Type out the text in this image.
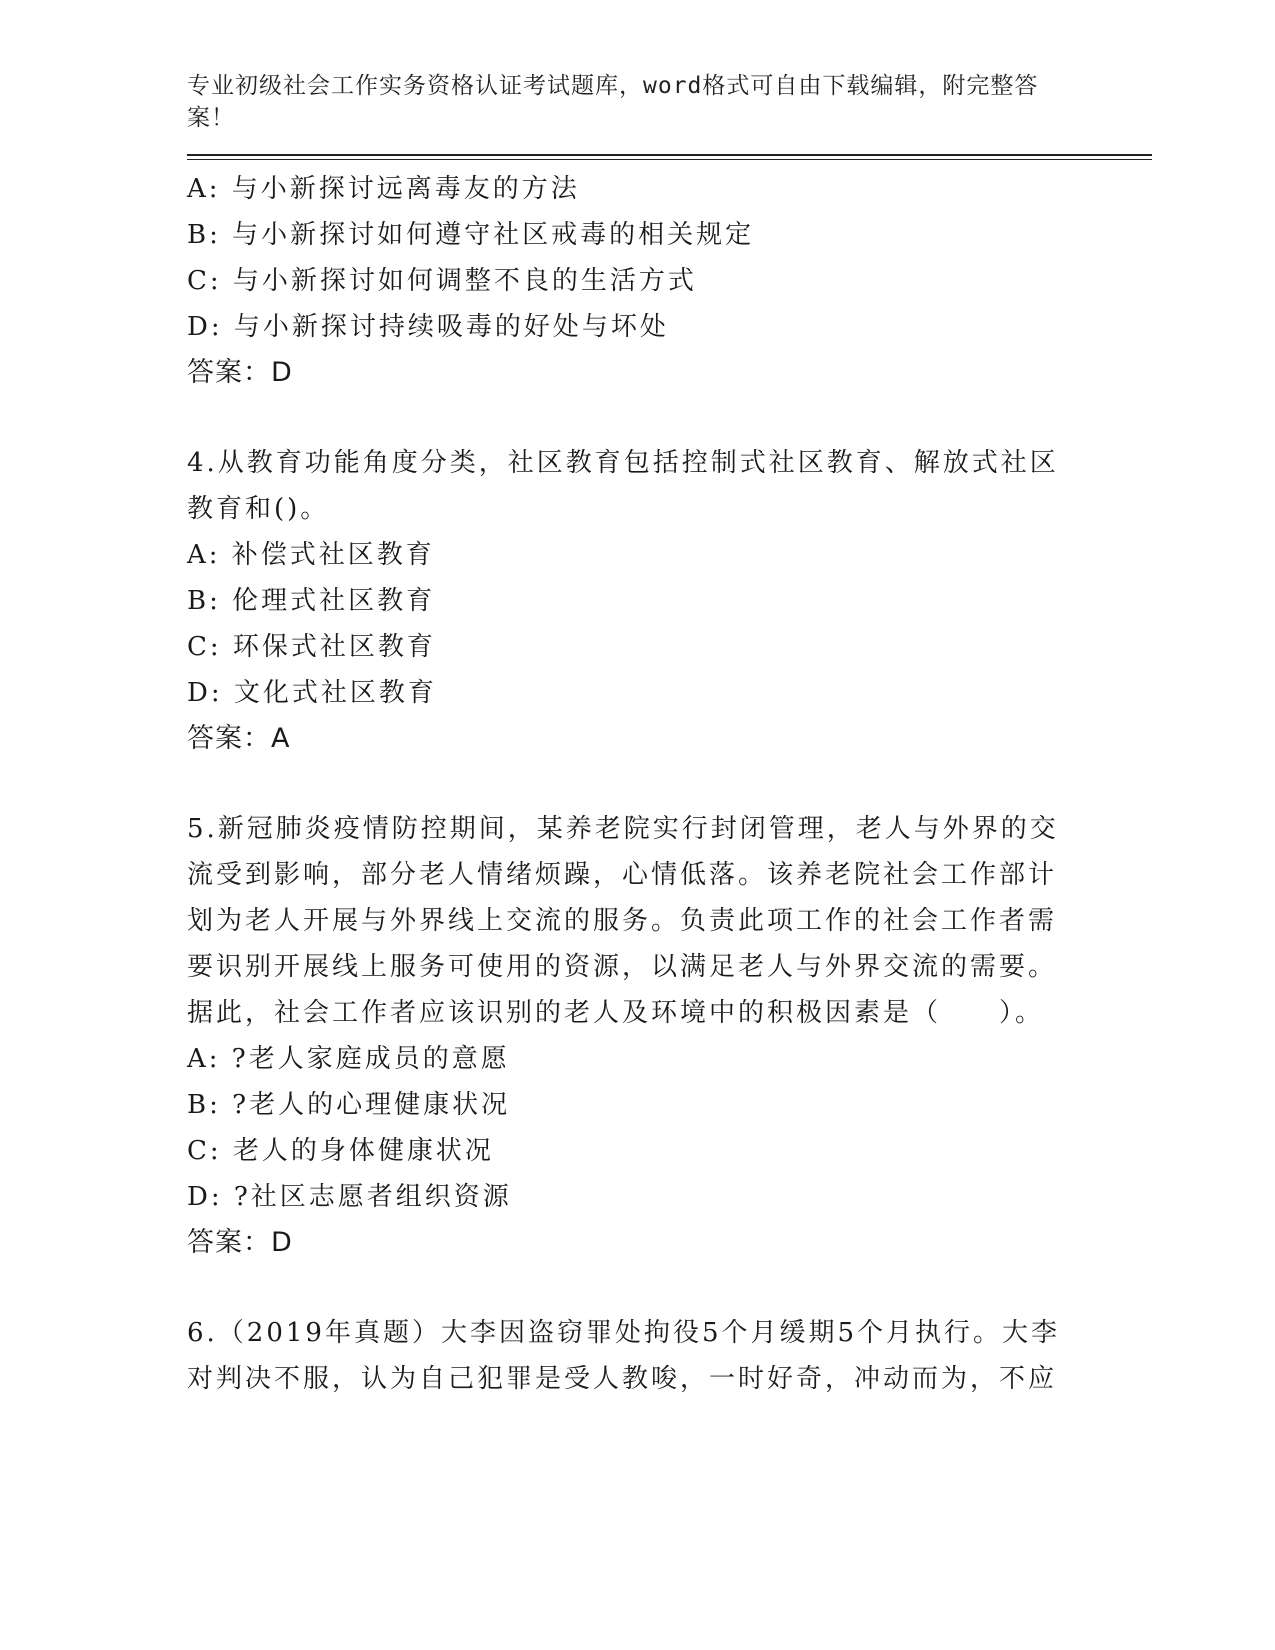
专业初级社会工作实务资格认证考试题库，word格式可自由下载编辑，附完整答案！

A: 与小新探讨远离毒友的方法

B: 与小新探讨如何遵守社区戒毒的相关规定

C: 与小新探讨如何调整不良的生活方式

D: 与小新探讨持续吸毒的好处与坏处

答案：D

4.从教育功能角度分类，社区教育包括控制式社区教育、解放式社区教育和()。

A: 补偿式社区教育

B: 伦理式社区教育

C: 环保式社区教育

D: 文化式社区教育

答案：A

5.新冠肺炎疫情防控期间，某养老院实行封闭管理，老人与外界的交流受到影响，部分老人情绪烦躁，心情低落。该养老院社会工作部计划为老人开展与外界线上交流的服务。负责此项工作的社会工作者需要识别开展线上服务可使用的资源，以满足老人与外界交流的需要。据此，社会工作者应该识别的老人及环境中的积极因素是（　　）。

A: ?老人家庭成员的意愿

B: ?老人的心理健康状况

C: 老人的身体健康状况

D: ?社区志愿者组织资源

答案：D

6.（2019年真题）大李因盗窃罪处拘役5个月缓期5个月执行。大李对判决不服，认为自己犯罪是受人教唆，一时好奇，冲动而为，不应
